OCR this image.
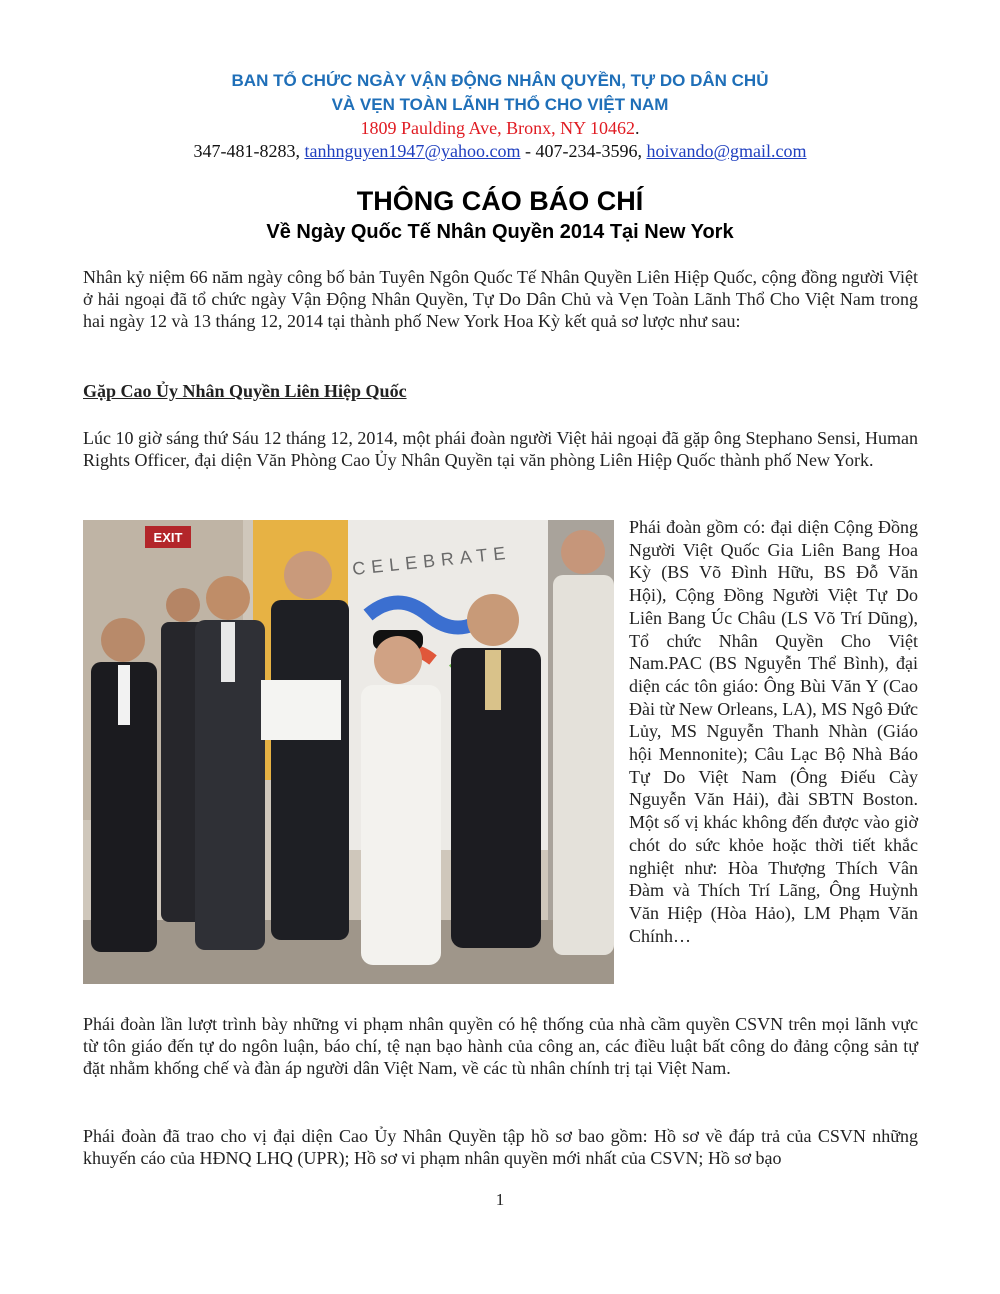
BAN TỔ CHỨC NGÀY VẬN ĐỘNG NHÂN QUYỀN, TỰ DO DÂN CHỦ
VÀ VẸN TOÀN LÃNH THỔ CHO VIỆT NAM
1809 Paulding Ave, Bronx, NY 10462.
347-481-8283, tanhnguyen1947@yahoo.com - 407-234-3596, hoivando@gmail.com
THÔNG CÁO BÁO CHÍ
Về Ngày Quốc Tế Nhân Quyền 2014 Tại New York

Nhân kỷ niệm 66 năm ngày công bố bản Tuyên Ngôn Quốc Tế Nhân Quyền Liên Hiệp Quốc, cộng đồng người Việt ở hải ngoại đã tổ chức ngày Vận Động Nhân Quyền, Tự Do Dân Chủ và Vẹn Toàn Lãnh Thổ Cho Việt Nam trong hai ngày 12 và 13 tháng 12, 2014 tại thành phố New York Hoa Kỳ kết quả sơ lược như sau:

Gặp Cao Ủy Nhân Quyền Liên Hiệp Quốc

Lúc 10 giờ sáng thứ Sáu 12 tháng 12, 2014, một phái đoàn người Việt hải ngoại đã gặp ông Stephano Sensi, Human Rights Officer, đại diện Văn Phòng Cao Ủy Nhân Quyền tại văn phòng Liên Hiệp Quốc thành phố New York.

EXIT
CELEBRATE

Phái đoàn gồm có: đại diện Cộng Đồng Người Việt Quốc Gia Liên Bang Hoa Kỳ (BS Võ Đình Hữu, BS Đỗ Văn Hội), Cộng Đồng Người Việt Tự Do Liên Bang Úc Châu (LS Võ Trí Dũng), Tổ chức Nhân Quyền Cho Việt Nam.PAC (BS Nguyễn Thể Bình), đại diện các tôn giáo: Ông Bùi Văn Y (Cao Đài từ New Orleans, LA), MS Ngô Đức Lủy, MS Nguyễn Thanh Nhàn (Giáo hội Mennonite); Câu Lạc Bộ Nhà Báo Tự Do Việt Nam (Ông Điếu Cày Nguyễn Văn Hải), đài SBTN Boston. Một số vị khác không đến được vào giờ chót do sức khỏe hoặc thời tiết khắc nghiệt như: Hòa Thượng Thích Vân Đàm và Thích Trí Lãng, Ông Huỳnh Văn Hiệp (Hòa Hảo), LM Phạm Văn Chính…

Phái đoàn lần lượt trình bày những vi phạm nhân quyền có hệ thống của nhà cầm quyền CSVN trên mọi lãnh vực từ tôn giáo đến tự do ngôn luận, báo chí, tệ nạn bạo hành của công an, các điều luật bất công do đảng cộng sản tự đặt nhằm khống chế và đàn áp người dân Việt Nam, về các tù nhân chính trị tại Việt Nam.

Phái đoàn đã trao cho vị đại diện Cao Ủy Nhân Quyền tập hồ sơ bao gồm: Hồ sơ về đáp trả của CSVN những khuyến cáo của HĐNQ LHQ (UPR); Hồ sơ vi phạm nhân quyền mới nhất của CSVN; Hồ sơ bạo

1
